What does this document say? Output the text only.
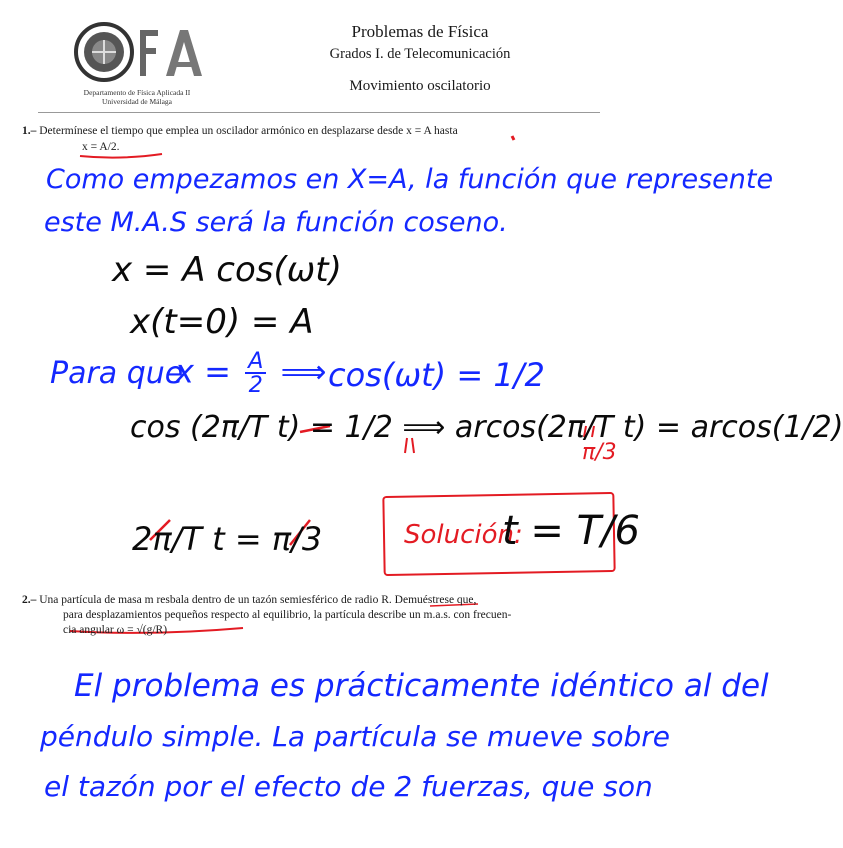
Departamento de Física Aplicada II
Universidad de Málaga
Problemas de Física
Grados I. de Telecomunicación
Movimiento oscilatorio
1.– Determínese el tiempo que emplea un oscilador armónico en desplazarse desde x = A hasta
x = A/2.
Como empezamos en X=A, la función que represente
este M.A.S será la función coseno.
x = A cos(ωt)
x(t=0) = A
Para que
$x = \frac{A}{2}$ ⟹ cos(ωt) = 1/2
cos (2π/T t) = 1/2 ⟹ arcos(2π/T t) = arcos(1/2)
π/3
2π/T t = π/3	Solución:
t = T/6
2.– Una partícula de masa m resbala dentro de un tazón semiesférico de radio R. Demuéstrese que,
para desplazamientos pequeños respecto al equilibrio, la partícula describe un m.a.s. con frecuen-
cia angular ω = √(g/R)
El problema es prácticamente idéntico al del
péndulo simple. La partícula se mueve sobre
el tazón por el efecto de 2 fuerzas, que son
